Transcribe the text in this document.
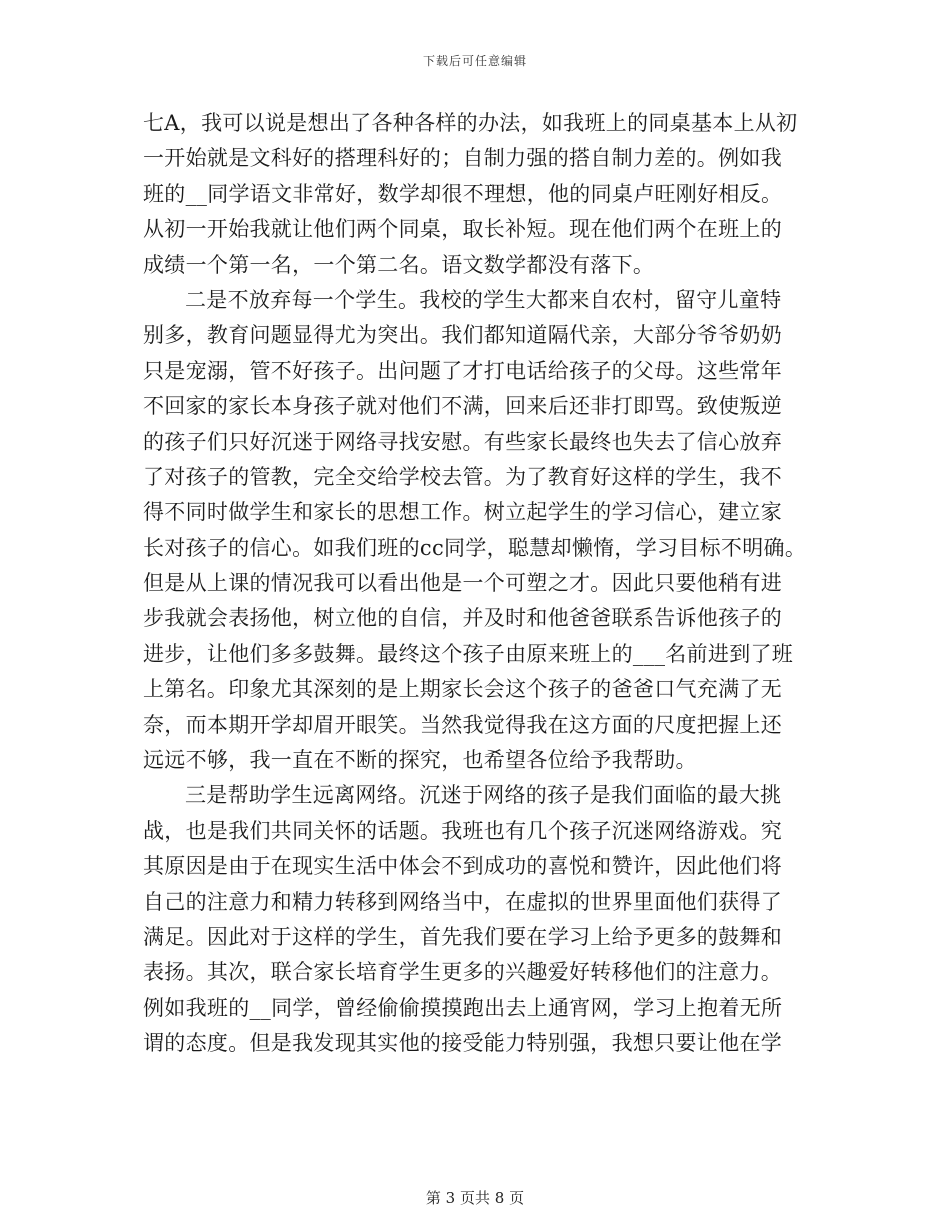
下载后可任意编辑
七A，我可以说是想出了各种各样的办法，如我班上的同桌基本上从初
一开始就是文科好的搭理科好的；自制力强的搭自制力差的。例如我
班的__同学语文非常好，数学却很不理想，他的同桌卢旺刚好相反。
从初一开始我就让他们两个同桌，取长补短。现在他们两个在班上的
成绩一个第一名，一个第二名。语文数学都没有落下。
二是不放弃每一个学生。我校的学生大都来自农村，留守儿童特
别多，教育问题显得尤为突出。我们都知道隔代亲，大部分爷爷奶奶
只是宠溺，管不好孩子。出问题了才打电话给孩子的父母。这些常年
不回家的家长本身孩子就对他们不满，回来后还非打即骂。致使叛逆
的孩子们只好沉迷于网络寻找安慰。有些家长最终也失去了信心放弃
了对孩子的管教，完全交给学校去管。为了教育好这样的学生，我不
得不同时做学生和家长的思想工作。树立起学生的学习信心，建立家
长对孩子的信心。如我们班的cc同学，聪慧却懒惰，学习目标不明确。
但是从上课的情况我可以看出他是一个可塑之才。因此只要他稍有进
步我就会表扬他，树立他的自信，并及时和他爸爸联系告诉他孩子的
进步，让他们多多鼓舞。最终这个孩子由原来班上的___名前进到了班
上第名。印象尤其深刻的是上期家长会这个孩子的爸爸口气充满了无
奈，而本期开学却眉开眼笑。当然我觉得我在这方面的尺度把握上还
远远不够，我一直在不断的探究，也希望各位给予我帮助。
三是帮助学生远离网络。沉迷于网络的孩子是我们面临的最大挑
战，也是我们共同关怀的话题。我班也有几个孩子沉迷网络游戏。究
其原因是由于在现实生活中体会不到成功的喜悦和赞许，因此他们将
自己的注意力和精力转移到网络当中，在虚拟的世界里面他们获得了
满足。因此对于这样的学生，首先我们要在学习上给予更多的鼓舞和
表扬。其次，联合家长培育学生更多的兴趣爱好转移他们的注意力。
例如我班的__同学，曾经偷偷摸摸跑出去上通宵网，学习上抱着无所
谓的态度。但是我发现其实他的接受能力特别强，我想只要让他在学
第 3 页共 8 页
